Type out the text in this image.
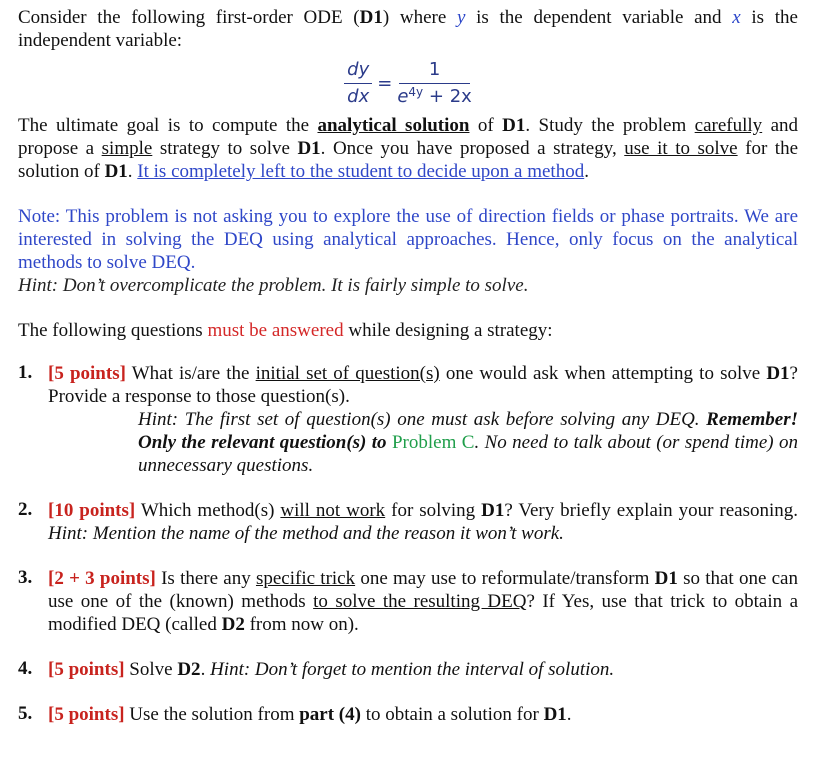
Consider the following first-order ODE (D1) where y is the dependent variable and x is the independent variable:

$\frac{dy}{dx} = \frac{1}{e^{4y} + 2x}$

The ultimate goal is to compute the analytical solution of D1. Study the problem carefully and propose a simple strategy to solve D1. Once you have proposed a strategy, use it to solve for the solution of D1. It is completely left to the student to decide upon a method.

Note: This problem is not asking you to explore the use of direction fields or phase portraits. We are interested in solving the DEQ using analytical approaches. Hence, only focus on the analytical methods to solve DEQ.

Hint: Don’t overcomplicate the problem. It is fairly simple to solve.

The following questions must be answered while designing a strategy:

1. [5 points] What is/are the initial set of question(s) one would ask when attempting to solve D1? Provide a response to those question(s).

Hint: The first set of question(s) one must ask before solving any DEQ. Remember! Only the relevant question(s) to Problem C. No need to talk about (or spend time) on unnecessary questions.

2. [10 points] Which method(s) will not work for solving D1? Very briefly explain your reasoning. Hint: Mention the name of the method and the reason it won’t work.

3. [2 + 3 points] Is there any specific trick one may use to reformulate/transform D1 so that one can use one of the (known) methods to solve the resulting DEQ? If Yes, use that trick to obtain a modified DEQ (called D2 from now on).

4. [5 points] Solve D2. Hint: Don’t forget to mention the interval of solution.

5. [5 points] Use the solution from part (4) to obtain a solution for D1.
